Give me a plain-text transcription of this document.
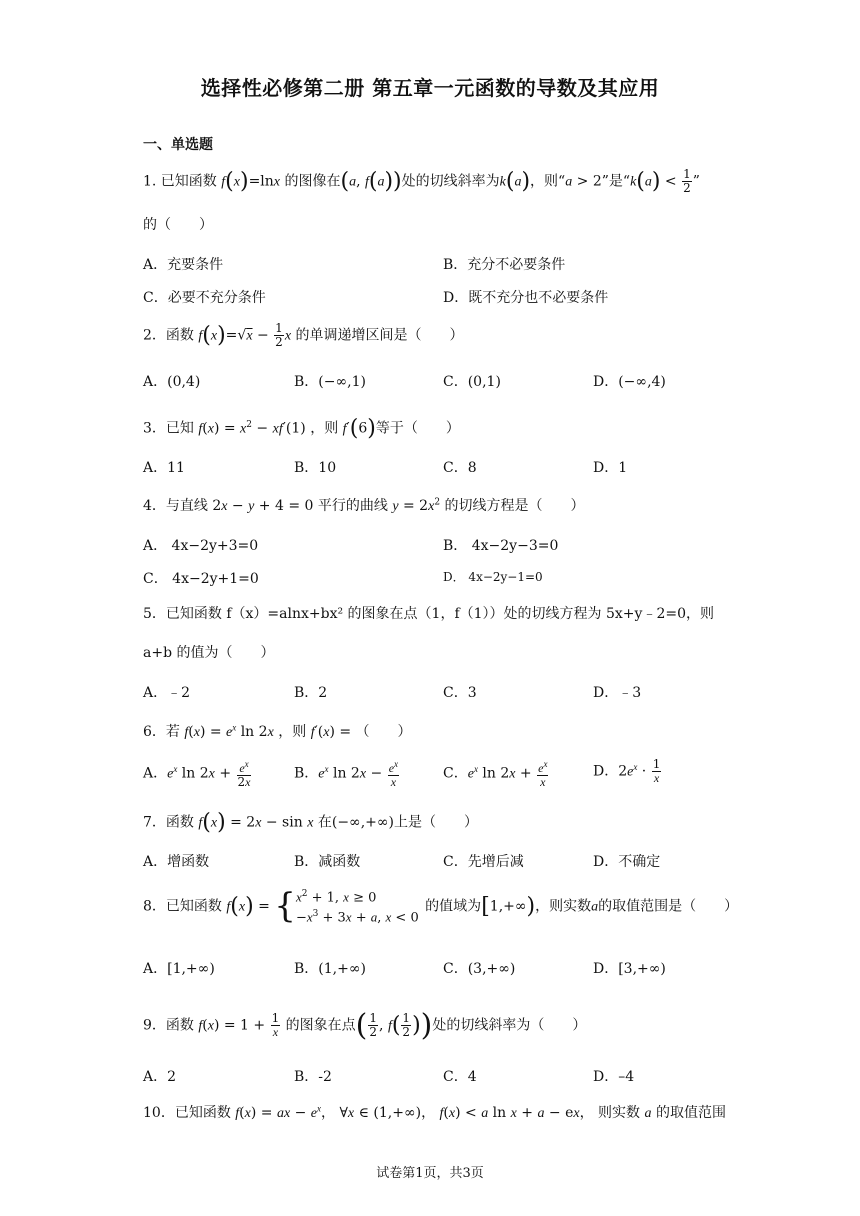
选择性必修第二册 第五章一元函数的导数及其应用
一、单选题
1. 已知函数 f(x)=lnx 的图像在(a, f(a))处的切线斜率为k(a)，则“a > 2”是“$k(a) < \frac{1}{2}$ ”
的（　　）
A．充要条件	B．充分不必要条件
C．必要不充分条件	D．既不充分也不必要条件
2．函数 $f(x)=√x - \frac{1}{2}$ x 的单调递增区间是（　　）
A．(0,4)	B．(−∞,1)	C．(0,1)	D．(−∞,4)
3．已知 $f(x) = x^2 - xf'(1)$ ，则 f′(6)等于（　　）
A．11	B．10	C．8	D．1
4．与直线 2x − y + 4 = 0 平行的曲线 $y = 2x^2$ 的切线方程是（　　）
A． 4x−2y+3=0	B． 4x−2y−3=0
C． 4x−2y+1=0	D． 4x−2y−1=0
5．已知函数 f（x）=alnx+bx² 的图象在点（1，f（1））处的切线方程为 5x+y﹣2=0，则
a+b 的值为（　　）
A．﹣2	B．2	C．3	D．﹣3
6．若 $f(x) = e^x$ ln 2x ，则 f′(x) = （　　）
A．$e^x$ $\ln 2x + \frac{e^x}{2x}$	B．$e^x$ $\ln 2x - \frac{e^x}{x}$	C．$e^x$ $\ln 2x + \frac{e^x}{x}$	D．$2e^x \cdot \frac{1}{x}$
7．函数 f(x) = 2x − sin x 在(−∞,+∞)上是（　　）
A．增函数	B．减函数	C．先增后减	D．不确定
8．已知函数 $f(x) = \{x^2 + 1$, x ≥ 0
$-x^3 + 3x + a$, x < 0 的值域为[1,+∞)，则实数a的取值范围是（　　）
A．[1,+∞)	B．(1,+∞)	C．(3,+∞)	D．[3,+∞)
9．函数 $f(x) = 1 + \frac{1}{x}$ 的图象在点( $\frac{1}{2}$ , $f( \frac{1}{2}$ ))处的切线斜率为（　　）
A．2	B．-2	C．4	D．–4
10．已知函数 f(x) = ax − $e^x$， ∀x ∈ (1,+∞)， f(x) < a ln x + a − ex， 则实数 a 的取值范围
试卷第1页，共3页
